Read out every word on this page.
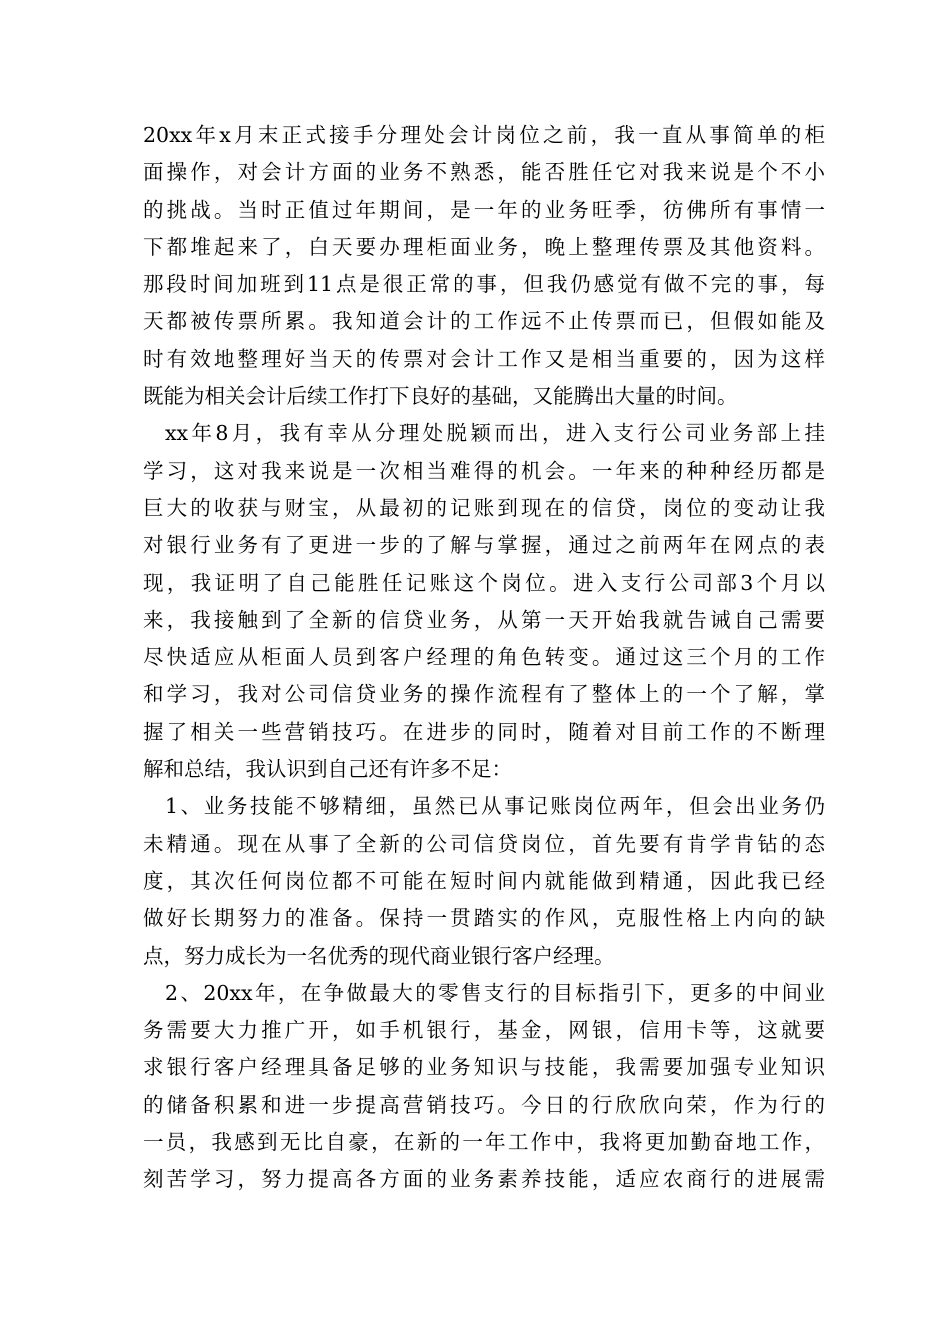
20xx年x月末正式接手分理处会计岗位之前，我一直从事简单的柜
面操作，对会计方面的业务不熟悉，能否胜任它对我来说是个不小
的挑战。当时正值过年期间，是一年的业务旺季，彷佛所有事情一
下都堆起来了，白天要办理柜面业务，晚上整理传票及其他资料。
那段时间加班到11点是很正常的事，但我仍感觉有做不完的事，每
天都被传票所累。我知道会计的工作远不止传票而已，但假如能及
时有效地整理好当天的传票对会计工作又是相当重要的，因为这样
既能为相关会计后续工作打下良好的基础，又能腾出大量的时间。
xx年8月，我有幸从分理处脱颖而出，进入支行公司业务部上挂
学习，这对我来说是一次相当难得的机会。一年来的种种经历都是
巨大的收获与财宝，从最初的记账到现在的信贷，岗位的变动让我
对银行业务有了更进一步的了解与掌握，通过之前两年在网点的表
现，我证明了自己能胜任记账这个岗位。进入支行公司部3个月以
来，我接触到了全新的信贷业务，从第一天开始我就告诫自己需要
尽快适应从柜面人员到客户经理的角色转变。通过这三个月的工作
和学习，我对公司信贷业务的操作流程有了整体上的一个了解，掌
握了相关一些营销技巧。在进步的同时，随着对目前工作的不断理
解和总结，我认识到自己还有许多不足：
1、业务技能不够精细，虽然已从事记账岗位两年，但会出业务仍
未精通。现在从事了全新的公司信贷岗位，首先要有肯学肯钻的态
度，其次任何岗位都不可能在短时间内就能做到精通，因此我已经
做好长期努力的准备。保持一贯踏实的作风，克服性格上内向的缺
点，努力成长为一名优秀的现代商业银行客户经理。
2、20xx年，在争做最大的零售支行的目标指引下，更多的中间业
务需要大力推广开，如手机银行，基金，网银，信用卡等，这就要
求银行客户经理具备足够的业务知识与技能，我需要加强专业知识
的储备积累和进一步提高营销技巧。今日的行欣欣向荣，作为行的
一员，我感到无比自豪，在新的一年工作中，我将更加勤奋地工作，
刻苦学习，努力提高各方面的业务素养技能，适应农商行的进展需
